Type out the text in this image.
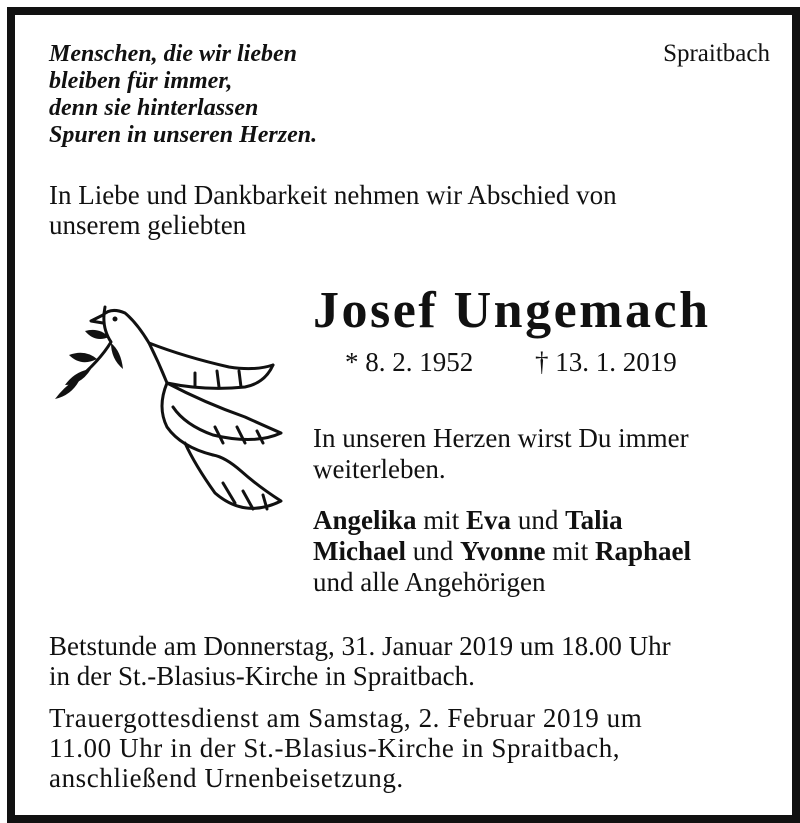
Menschen, die wir lieben
bleiben für immer,
denn sie hinterlassen
Spuren in unseren Herzen.
Spraitbach
In Liebe und Dankbarkeit nehmen wir Abschied von
unserem geliebten
Josef Ungemach
* 8. 2. 1952 † 13. 1. 2019
In unseren Herzen wirst Du immer
weiterleben.
Angelika mit Eva und Talia
Michael und Yvonne mit Raphael
und alle Angehörigen
Betstunde am Donnerstag, 31. Januar 2019 um 18.00 Uhr
in der St.-Blasius-Kirche in Spraitbach.
Trauergottesdienst am Samstag, 2. Februar 2019 um
11.00 Uhr in der St.-Blasius-Kirche in Spraitbach,
anschließend Urnenbeisetzung.
